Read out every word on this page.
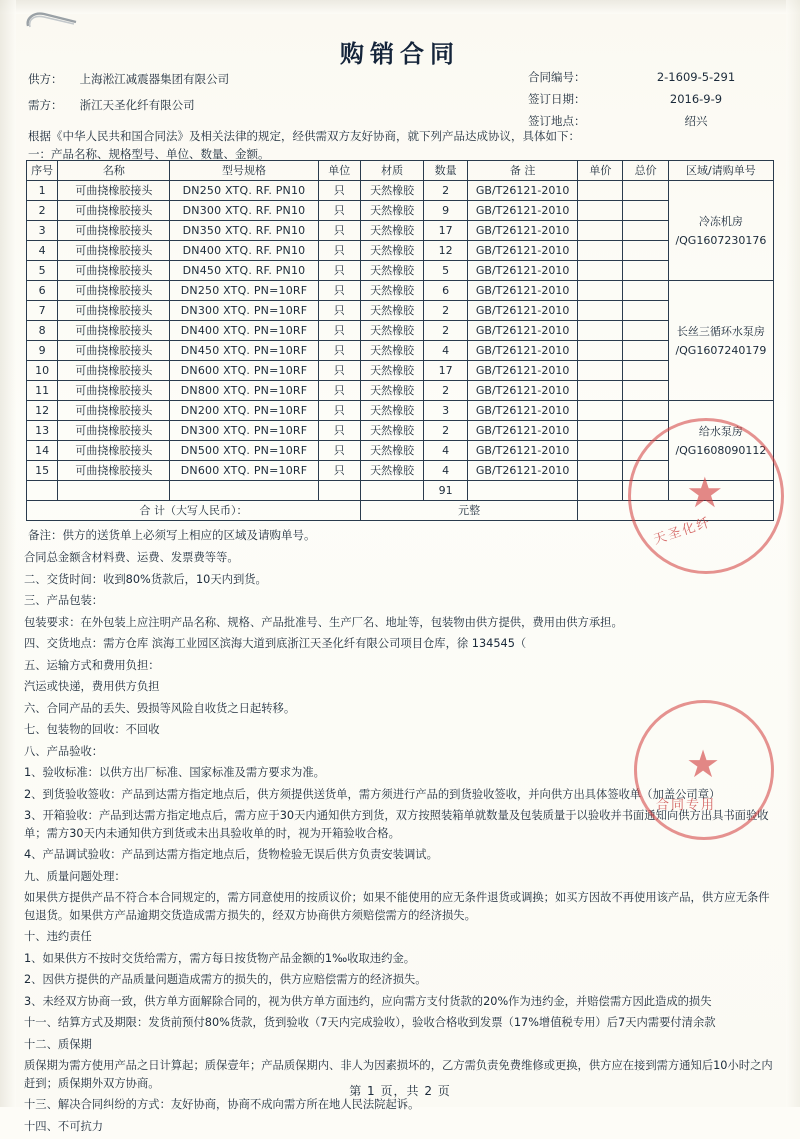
购销合同
供方： 上海淞江减震器集团有限公司
需方： 浙江天圣化纤有限公司
合同编号：	2-1609-5-291
签订日期：	2016-9-9
签订地点：	绍兴
根据《中华人民共和国合同法》及相关法律的规定，经供需双方友好协商，就下列产品达成协议，具体如下：
一：产品名称、规格型号、单位、数量、金额。
序号	名称	型号规格	单位	材质	数量	备 注	单价	总价	区域/请购单号
1	可曲挠橡胶接头	DN250 XTQ. RF. PN10	只	天然橡胶	2	GB/T26121-2010			冷冻机房
/QG1607230176

2	可曲挠橡胶接头	DN300 XTQ. RF. PN10	只	天然橡胶	9	GB/T26121-2010			
3	可曲挠橡胶接头	DN350 XTQ. RF. PN10	只	天然橡胶	17	GB/T26121-2010			
4	可曲挠橡胶接头	DN400 XTQ. RF. PN10	只	天然橡胶	12	GB/T26121-2010			
5	可曲挠橡胶接头	DN450 XTQ. RF. PN10	只	天然橡胶	5	GB/T26121-2010			
6	可曲挠橡胶接头	DN250 XTQ. PN=10RF	只	天然橡胶	6	GB/T26121-2010			长丝三循环水泵房
/QG1607240179

7	可曲挠橡胶接头	DN300 XTQ. PN=10RF	只	天然橡胶	2	GB/T26121-2010			
8	可曲挠橡胶接头	DN400 XTQ. PN=10RF	只	天然橡胶	2	GB/T26121-2010			
9	可曲挠橡胶接头	DN450 XTQ. PN=10RF	只	天然橡胶	4	GB/T26121-2010			
10	可曲挠橡胶接头	DN600 XTQ. PN=10RF	只	天然橡胶	17	GB/T26121-2010			
11	可曲挠橡胶接头	DN800 XTQ. PN=10RF	只	天然橡胶	2	GB/T26121-2010			
12	可曲挠橡胶接头	DN200 XTQ. PN=10RF	只	天然橡胶	3	GB/T26121-2010			给水泵房
/QG1608090112

13	可曲挠橡胶接头	DN300 XTQ. PN=10RF	只	天然橡胶	2	GB/T26121-2010			
14	可曲挠橡胶接头	DN500 XTQ. PN=10RF	只	天然橡胶	4	GB/T26121-2010			
15	可曲挠橡胶接头	DN600 XTQ. PN=10RF	只	天然橡胶	4	GB/T26121-2010			
					91				
合 计（大写人民币）：				元整					
备注：供方的送货单上必须写上相应的区域及请购单号。

合同总金额含材料费、运费、发票费等等。

二、交货时间：收到80%货款后，10天内到货。

三、产品包装：

包装要求：在外包装上应注明产品名称、规格、产品批准号、生产厂名、地址等，包装物由供方提供，费用由供方承担。

四、交货地点：需方仓库 滨海工业园区滨海大道到底浙江天圣化纤有限公司项目仓库，徐 134545（

五、运输方式和费用负担：

汽运或快递，费用供方负担

六、合同产品的丢失、毁损等风险自收货之日起转移。

七、包装物的回收：不回收

八、产品验收：

1、验收标准：以供方出厂标准、国家标准及需方要求为准。

2、到货验收签收：产品到达需方指定地点后，供方须提供送货单，需方须进行产品的到货验收签收，并向供方出具体签收单（加盖公司章）

3、开箱验收：产品到达需方指定地点后，需方应于30天内通知供方到货，双方按照装箱单就数量及包装质量于以验收并书面通知向供方出具书面验收单；需方30天内未通知供方到货或未出具验收单的时，视为开箱验收合格。

4、产品调试验收：产品到达需方指定地点后，货物检验无误后供方负责安装调试。

九、质量问题处理：

如果供方提供产品不符合本合同规定的，需方同意使用的按质议价；如果不能使用的应无条件退货或调换；如买方因故不再使用该产品，供方应无条件包退货。如果供方产品逾期交货造成需方损失的，经双方协商供方须赔偿需方的经济损失。

十、违约责任

1、如果供方不按时交货给需方，需方每日按货物产品金额的1‰收取违约金。

2、因供方提供的产品质量问题造成需方的损失的，供方应赔偿需方的经济损失。

3、未经双方协商一致，供方单方面解除合同的，视为供方单方面违约，应向需方支付货款的20%作为违约金，并赔偿需方因此造成的损失

十一、结算方式及期限：发货前预付80%货款，货到验收（7天内完成验收），验收合格收到发票（17%增值税专用）后7天内需要付清余款

十二、质保期

质保期为需方使用产品之日计算起；质保壹年；产品质保期内、非人为因素损坏的，乙方需负责免费维修或更换，供方应在接到需方通知后10小时之内赶到；质保期外双方协商。

十三、解决合同纠纷的方式：友好协商，协商不成向需方所在地人民法院起诉。

十四、不可抗力

第 1 页，共 2 页
★
天圣化纤
★
合同专用
